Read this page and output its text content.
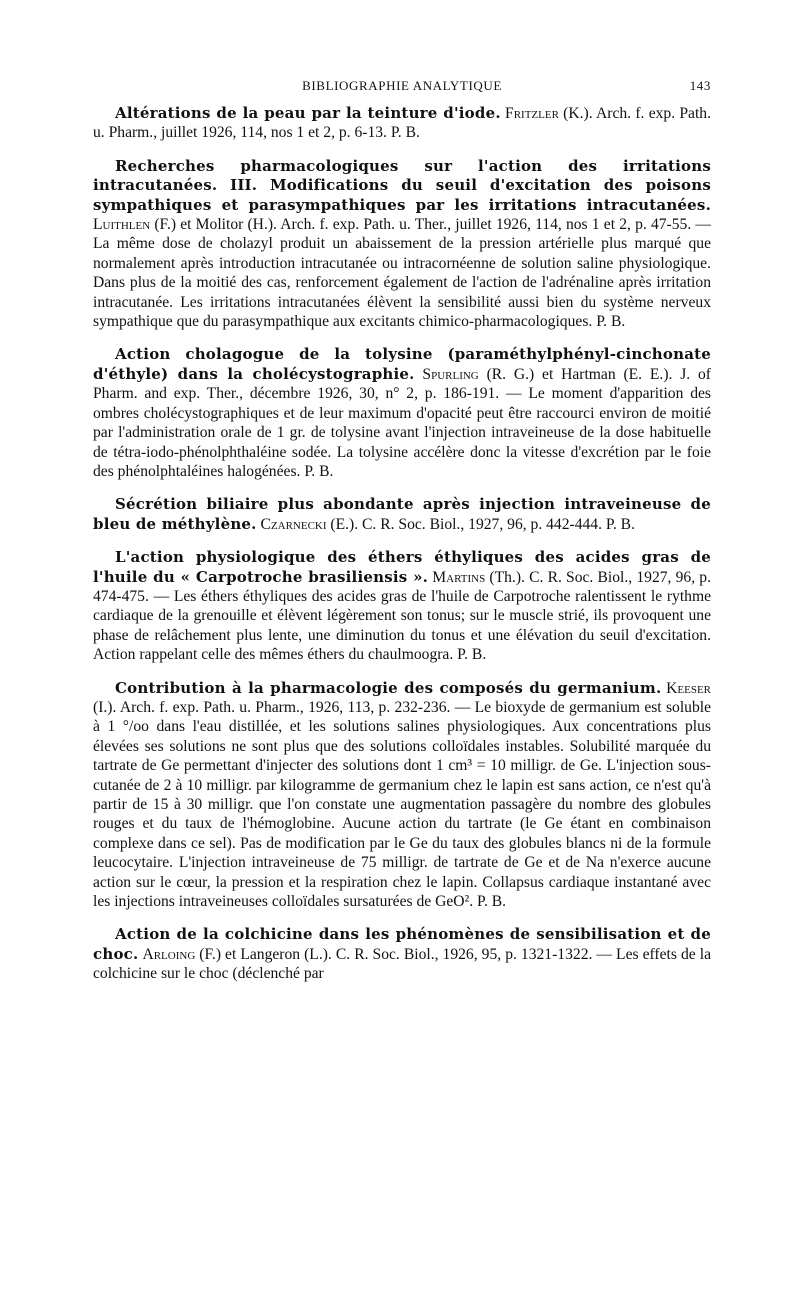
BIBLIOGRAPHIE ANALYTIQUE	143
Altérations de la peau par la teinture d'iode. Fritzler (K.). Arch. f. exp. Path. u. Pharm., juillet 1926, 114, nos 1 et 2, p. 6-13. P. B.
Recherches pharmacologiques sur l'action des irritations intracutanées. III. Modifications du seuil d'excitation des poisons sympathiques et parasympathiques par les irritations intracutanées. Luithlen (F.) et Molitor (H.). Arch. f. exp. Path. u. Ther., juillet 1926, 114, nos 1 et 2, p. 47-55. — La même dose de cholazyl produit un abaissement de la pression artérielle plus marqué que normalement après introduction intracutanée ou intracornéenne de solution saline physiologique. Dans plus de la moitié des cas, renforcement également de l'action de l'adrénaline après irritation intracutanée. Les irritations intracutanées élèvent la sensibilité aussi bien du système nerveux sympathique que du parasympathique aux excitants chimico-pharmacologiques. P. B.
Action cholagogue de la tolysine (paraméthylphényl-cinchonate d'éthyle) dans la cholécystographie. Spurling (R. G.) et Hartman (E. E.). J. of Pharm. and exp. Ther., décembre 1926, 30, n° 2, p. 186-191. — Le moment d'apparition des ombres cholécystographiques et de leur maximum d'opacité peut être raccourci environ de moitié par l'administration orale de 1 gr. de tolysine avant l'injection intraveineuse de la dose habituelle de tétra-iodo-phénolphthaléine sodée. La tolysine accélère donc la vitesse d'excrétion par le foie des phénolphtaléines halogénées. P. B.
Sécrétion biliaire plus abondante après injection intraveineuse de bleu de méthylène. Czarnecki (E.). C. R. Soc. Biol., 1927, 96, p. 442-444. P. B.
L'action physiologique des éthers éthyliques des acides gras de l'huile du « Carpotroche brasiliensis ». Martins (Th.). C. R. Soc. Biol., 1927, 96, p. 474-475. — Les éthers éthyliques des acides gras de l'huile de Carpotroche ralentissent le rythme cardiaque de la grenouille et élèvent légèrement son tonus; sur le muscle strié, ils provoquent une phase de relâchement plus lente, une diminution du tonus et une élévation du seuil d'excitation. Action rappelant celle des mêmes éthers du chaulmoogra. P. B.
Contribution à la pharmacologie des composés du germanium. Keeser (I.). Arch. f. exp. Path. u. Pharm., 1926, 113, p. 232-236. — Le bioxyde de germanium est soluble à 1 °/oo dans l'eau distillée, et les solutions salines physiologiques. Aux concentrations plus élevées ses solutions ne sont plus que des solutions colloïdales instables. Solubilité marquée du tartrate de Ge permettant d'injecter des solutions dont 1 cm³ = 10 milligr. de Ge. L'injection sous-cutanée de 2 à 10 milligr. par kilogramme de germanium chez le lapin est sans action, ce n'est qu'à partir de 15 à 30 milligr. que l'on constate une augmentation passagère du nombre des globules rouges et du taux de l'hémoglobine. Aucune action du tartrate (le Ge étant en combinaison complexe dans ce sel). Pas de modification par le Ge du taux des globules blancs ni de la formule leucocytaire. L'injection intraveineuse de 75 milligr. de tartrate de Ge et de Na n'exerce aucune action sur le cœur, la pression et la respiration chez le lapin. Collapsus cardiaque instantané avec les injections intraveineuses colloïdales sursaturées de GeO². P. B.
Action de la colchicine dans les phénomènes de sensibilisation et de choc. Arloing (F.) et Langeron (L.). C. R. Soc. Biol., 1926, 95, p. 1321-1322. — Les effets de la colchicine sur le choc (déclenché par
